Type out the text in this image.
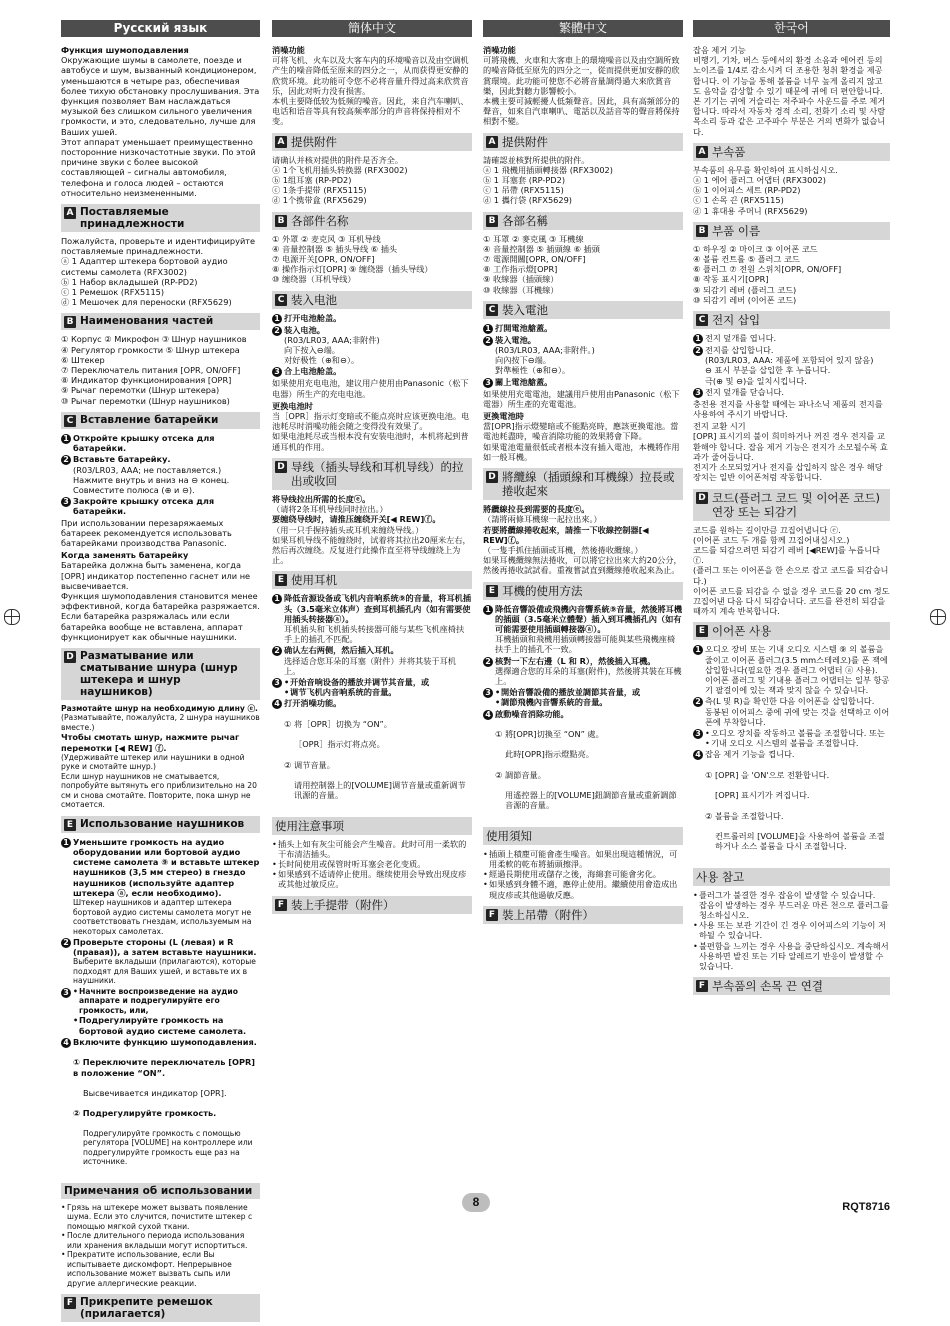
Русский язык

Функция шумоподавления

Окружающие шумы в самолете, поезде и автобусе и шум, вызванный кондиционером, уменьшаются в четыре раз, обеспечивая более тихую обстановку прослушивания. Эта функция позволяет Вам наслаждаться музыкой без слишком сильного увеличения громкости, и это, следовательно, лучше для Ваших ушей.
Этот аппарат уменьшает преимущественно посторонние низкочастотные звуки. По этой причине звуки с более высокой составляющей – сигналы автомобиля, телефона и голоса людей – остаются относительно неизмененными.

A Поставляемые принадлежности

Пожалуйста, проверьте и идентифицируйте поставляемые принадлежности.

ⓐ 1 Адаптер штекера бортовой аудио системы самолета (RFX3002)
ⓑ 1 Набор вкладышей (RP-PD2)
ⓒ 1 Ремешок (RFX5115)
ⓓ 1 Мешочек для переноски (RFX5629)
B Наименования частей
① Корпус ② Микрофон ③ Шнур наушников
④ Регулятор громкости ⑤ Шнур штекера
⑥ Штекер
⑦ Переключатель питания [OPR, ON/OFF]
⑧ Индикатор функционирования [OPR]
⑨ Рычаг перемотки (Шнур штекера)
⑩ Рычаг перемотки (Шнур наушников)
C Вставление батарейки
1 Откройте крышку отсека для батарейки.
2 Вставьте батарейку.
(R03/LR03, AAA; не поставляется.)
Нажмите внутрь и вниз на ⊖ конец.
Совместите полюса (⊕ и ⊖).
3 Закройте крышку отсека для батарейки.

При использовании перезаряжаемых батареек рекомендуется использовать батарейками производства Panasonic.

Когда заменять батарейку

Батарейка должна быть заменена, когда [OPR] индикатор постепенно гаснет или не высвечивается.
Функция шумоподавления становится менее эффективной, когда батарейка разряжается.
Если батарейка разряжалась или если батарейка вообще не вставлена, аппарат функционирует как обычные наушники.

D Разматывание или сматывание шнура (шнур штекера и шнур наушников)

Размотайте шнур на необходимую длину ⓔ.

(Разматывайте, пожалуйста, 2 шнура наушников вместе.)

Чтобы смотать шнур, нажмите рычаг перемотки [◀ REW] ⓕ.

(Удерживайте штекер или наушники в одной руке и смотайте шнур.)
Если шнур наушников не сматывается, попробуйте вытянуть его приблизительно на 20 см и снова смотайте. Повторите, пока шнур не смотается.

E Использование наушников
1 Уменьшите громкость на аудио оборудовании или бортовой аудио системе самолета ⑨ и вставьте штекер наушников (3,5 мм стерео) в гнездо наушников (используйте адаптер штекера ⓐ, если необходимо).
Штекер наушников и адаптер штекера бортовой аудио системы самолета могут не соответствовать гнездам, используемым на некоторых самолетах.
2 Проверьте стороны (L (левая) и R (правая)), а затем вставьте наушники.
Выберите вкладыши (прилагаются), которые подходят для Ваших ушей, и вставьте их в наушники.
3 • Начните воспроизведение на аудио аппарате и подрегулируйте его громкость, или,
• Подрегулируйте громкость на бортовой аудио системе самолета.
4 Включите функцию шумоподавления.

① Переключите переключатель [OPR] в положение “ON”.

Высвечивается индикатор [OPR].

② Подрегулируйте громкость.

Подрегулируйте громкость с помощью регулятора [VOLUME] на контроллере или подрегулируйте громкость еще раз на источнике.

Примечания об использовании
• Грязь на штекере может вызвать появление шума. Если это случится, почистите штекер с помощью мягкой сухой ткани.
• После длительного периода использования или хранения вкладыши могут испортиться.
• Прекратите использование, если Вы испытываете дискомфорт. Непрерывное использование может вызвать сыпь или другие аллергические реакции.
F Прикрепите ремешок (прилагается)
簡体中文

消噪功能

可将飞机、火车以及大客车内的环境噪音以及由空调机产生的噪音降低至原来的四分之一，从而获得更安静的欣赏环境。此功能可令您不必将音量升得过高来欣赏音乐，因此对听力没有损害。
本机主要降低较为低频的噪音。因此，来自汽车喇叭、电话和语音等具有较高频率部分的声音将保持相对不变。

A 提供附件

请确认并核对提供的附件是否齐全。

ⓐ 1个飞机用插头转换器 (RFX3002)
ⓑ 1组耳塞 (RP-PD2)
ⓒ 1条手提带 (RFX5115)
ⓓ 1个携带盒 (RFX5629)
B 各部件名称
① 外罩 ② 麦克风 ③ 耳机导线
④ 音量控制器 ⑤ 插头导线 ⑥ 插头
⑦ 电源开关[OPR, ON/OFF]
⑧ 操作指示灯[OPR] ⑨ 缠绕器（插头导线）
⑩ 缠绕器（耳机导线）
C 装入电池
1 打开电池舱盖。
2 装入电池。
(R03/LR03, AAA;非附件)
向下按入⊖端。
对好极性（⊕和⊖）。
3 合上电池舱盖。

如果使用充电电池，建议用户使用由Panasonic（松下电器）所生产的充电电池。

更换电池时

当［OPR］指示灯变暗或不能点亮时应该更换电池。电池耗尽时消噪功能会随之变得没有效果了。
如果电池耗尽或当根本没有安装电池时，本机将起到普通耳机的作用。

D 导线（插头导线和耳机导线）的拉出或收回

将导线拉出所需的长度ⓔ。

（请将2条耳机导线同时拉出。）

要缠绕导线时，请推压缠绕开关[◀ REW]ⓕ。

（用一只手握持插头或耳机来缠绕导线。）
如果耳机导线不能缠绕时，试着将其拉出20厘米左右，然后再次缠绕。反复进行此操作直至将导线缠绕上为止。

E 使用耳机
1 降低音源设备或飞机内音响系统⑨的音量，将耳机插头（3.5毫米立体声）查到耳机插孔内（如有需要使用插头转接器ⓐ）。
耳机插头和飞机插头转接器可能与某些飞机座椅扶手上的插孔不匹配。
2 确认左右两侧，然后插入耳机。
选择适合您耳朵的耳塞（附件）并将其装于耳机上。
3 • 开始音响设备的播放并调节其音量，或
• 调节飞机内音响系统的音量。
4 打开消噪功能。

① 将［OPR］切换为 “ON”。

［OPR］指示灯将点亮。

② 调节音量。

请用控制器上的[VOLUME]调节音量或重新调节讯源的音量。

使用注意事项
• 插头上如有灰尘可能会产生噪音。此时可用一柔软的干布清洁插头。
• 长时间使用或保管时听耳塞会老化变质。
• 如果感到不适请停止使用。继续使用会导致出现皮疹或其他过敏反应。
F 装上手提带（附件）
繁體中文

消噪功能

可將飛機、火車和大客車上的環境噪音以及由空調所致的噪音降低至原先的四分之一，從而提供更加安靜的欣賞環境。此功能可使您不必將音量調得過大來欣賞音樂，因此對聽力影響較小。
本機主要可減輕擾人低頻聲音。因此，具有高頻部分的聲音，如來自汽車喇叭、電話以及話音等的聲音將保持相對不變。

A 提供附件

請確認並核對所提供的附件。

ⓐ 1 飛機用插頭轉接器 (RFX3002)
ⓑ 1 耳塞套 (RP-PD2)
ⓒ 1 吊帶 (RFX5115)
ⓓ 1 攜行袋 (RFX5629)
B 各部名稱
① 耳罩 ② 麥克風 ③ 耳機線
④ 音量控制器 ⑤ 插頭線 ⑥ 插頭
⑦ 電源開關[OPR, ON/OFF]
⑧ 工作指示燈[OPR]
⑨ 收線器（插頭線）
⑩ 收線器（耳機線）
C 裝入電池
1 打開電池艙蓋。
2 裝入電池。
(R03/LR03, AAA;非附件。)
向內按下⊖端。
對準極性（⊕和⊖）。
3 關上電池艙蓋。

如果使用充電電池，建議用戶使用由Panasonic（松下電器）所生產的充電電池。

更換電池時

當[OPR]指示燈變暗或不能點亮時，應該更換電池。當電池耗盡時，噪音消除功能的效果將會下降。
如果電池電量很低或者根本沒有插入電池，本機將作用如一般耳機。

D 將纜線（插頭線和耳機線）拉長或捲收起來

將纜線拉長到需要的長度ⓔ。

（請將兩條耳機線一起拉出來。）

若要將纜線捲收起來，請推一下收線控制器[◀ REW]ⓕ。

（一隻手抓住插頭或耳機，然後捲收纜線。）
如果耳機纜線無法捲收，可以將它拉出來大約20公分，然後再捲收試試看。重複嘗試直到纜線捲收起來為止。

E 耳機的使用方法
1 降低音響設備或飛機內音響系統⑨音量，然後將耳機的插頭（3.5毫米立體聲）插入到耳機插孔內（如有可能需要使用插頭轉接器ⓐ）。
耳機插頭和飛機用插頭轉接器可能與某些飛機座椅扶手上的插孔不一致。
2 核對一下左右邊（L 和 R），然後插入耳機。
選擇適合您的耳朵的耳塞(附件)，然後將其裝在耳機上。
3 • 開始音響設備的播放並調節其音量，或
• 調節飛機內音響系統的音量。
4 啟動噪音消除功能。

① 將[OPR]切換至 “ON” 處。

此時[OPR]指示燈點亮。

② 調節音量。

用遙控器上的[VOLUME]鈕調節音量或重新調節音源的音量。

使用須知
• 插頭上積塵可能會產生噪音。如果出現這種情況，可用柔軟的乾布將插頭擦淨。
• 經過長期使用或儲存之後，海綿套可能會劣化。
• 如果感到身體不適，應停止使用。繼續使用會造成出現皮疹或其他過敏反應。
F 裝上吊帶（附件）
한국어

잡음 제거 기능

비행기, 기차, 버스 등에서의 환경 소음과 에어컨 등의 노이즈를 1/4로 감소시켜 더 조용한 청취 환경을 제공합니다. 이 기능을 통해 볼륨을 너무 높게 올리지 않고도 음악을 감상할 수 있기 때문에 귀에 더 편안합니다.
본 기기는 귀에 거슬리는 저주파수 사운드를 주로 제거합니다. 따라서 자동차 경적 소리, 전화기 소리 및 사람 목소리 등과 같은 고주파수 부분은 거의 변화가 없습니다.

A 부속품

부속품의 유무를 확인하여 표시하십시오.

ⓐ 1 에어 플러그 어댑터 (RFX3002)
ⓑ 1 이어피스 세트 (RP-PD2)
ⓒ 1 손목 끈 (RFX5115)
ⓓ 1 휴대용 주머니 (RFX5629)
B 부품 이름
① 하우징 ② 마이크 ③ 이어폰 코드
④ 볼륨 컨트롤 ⑤ 플러그 코드
⑥ 플러그 ⑦ 전원 스위치[OPR, ON/OFF]
⑧ 작동 표시기[OPR]
⑨ 되감기 레버 (플러그 코드)
⑩ 되감기 레버 (이어폰 코드)
C 전지 삽입
1 전지 덮개를 엽니다.
2 전지를 삽입합니다.
(R03/LR03, AAA: 제품에 포함되어 있지 않음)
⊖ 표시 부분을 삽입한 후 누릅니다.
극(⊕ 및 ⊖)을 일치시킵니다.
3 전지 덮개를 닫습니다.

충전용 전지를 사용할 때에는 파나소닉 제품의 전지를 사용하여 주시기 바랍니다.

전지 교환 시기

[OPR] 표시기의 불이 희미하거나 꺼진 경우 전지를 교환해야 합니다. 잡음 제거 기능은 전지가 소모될수록 효과가 줄어듭니다.
전지가 소모되었거나 전지를 삽입하지 않은 경우 해당 장치는 일반 이어폰처럼 작동합니다.

D 코드(플러그 코드 및 이어폰 코드) 연장 또는 되감기

코드를 원하는 길이만큼 끄집어냅니다 ⓔ.

(이어폰 코드 두 개를 함께 끄집어내십시오.)

코드를 되감으려면 되감기 레버 [◀REW]를 누릅니다 ⓕ.

(플러그 또는 이어폰을 한 손으로 잡고 코드를 되감습니다.)
이어폰 코드를 되감을 수 없을 경우 코드를 20 cm 정도 끄집어낸 다음 다시 되감습니다. 코드를 완전히 되감을 때까지 계속 반복합니다.

E 이어폰 사용
1 오디오 장비 또는 기내 오디오 시스템 ⑨ 의 볼륨을 줄이고 이어폰 플러그(3.5 mm스테레오)를 폰 잭에 삽입합니다(필요한 경우 플러그 어댑터 ⓐ 사용).
이어폰 플러그 및 기내용 플러그 어댑터는 일부 항공기 팔걸이에 있는 잭과 맞지 않을 수 있습니다.
2 측(L 및 R)을 확인한 다음 이어폰을 삽입합니다.
동봉된 이어피스 중에 귀에 맞는 것을 선택하고 이어폰에 부착합니다.
3 • 오디오 장치를 작동하고 볼륨을 조절합니다. 또는
• 기내 오디오 시스템의 볼륨을 조절합니다.
4 잡음 제거 기능을 켭니다.

① [OPR] 을 'ON'으로 전환합니다.

[OPR] 표시기가 켜집니다.

② 볼륨을 조절합니다.

컨트롤러의 [VOLUME]을 사용하여 볼륨을 조절하거나 소스 볼륨을 다시 조절합니다.

사용 참고
• 플러그가 불결한 경우 잡음이 발생할 수 있습니다.
잡음이 발생하는 경우 부드러운 마른 천으로 플러그를 청소하십시오.
• 사용 또는 보관 기간이 긴 경우 이어피스의 기능이 저하될 수 있습니다.
• 불편함을 느끼는 경우 사용을 중단하십시오. 계속해서 사용하면 발진 또는 기타 알레르기 반응이 발생할 수 있습니다.
F 부속품의 손목 끈 연결
8	RQT8716
